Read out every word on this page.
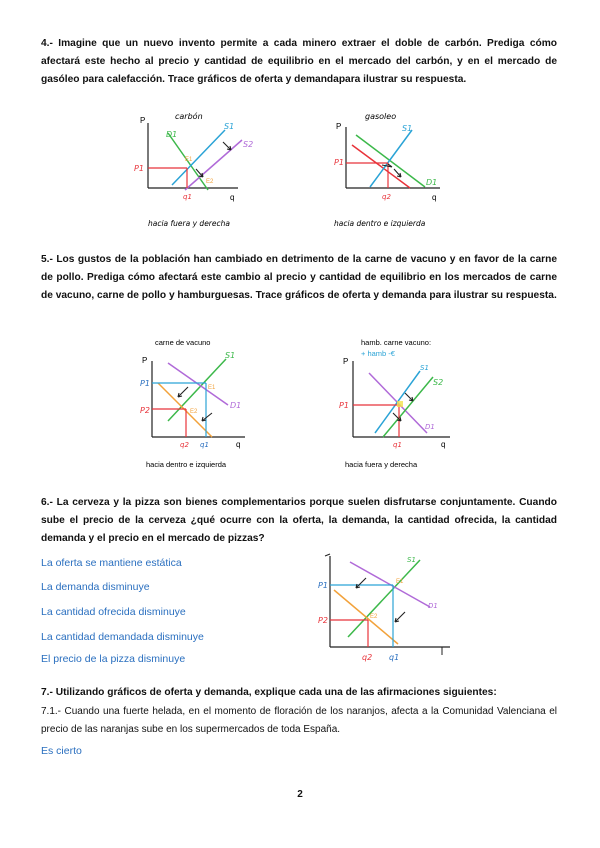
4.- Imagine que un nuevo invento permite a cada minero extraer el doble de carbón. Prediga cómo afectará este hecho al precio y cantidad de equilibrio en el mercado del carbón, y en el mercado de gasóleo para calefacción. Trace gráficos de oferta y demandapara ilustrar su respuesta.
carbón
P
q
P1
q1
D1
S1
S2
E1
E2
hacia fuera y derecha
gasoleo
P
q
P1
q2
D1
S1
hacia dentro e izquierda
5.- Los gustos de la población han cambiado en detrimento de la carne de vacuno y en favor de la carne de pollo. Prediga cómo afectará este cambio al precio y cantidad de equilibrio en los mercados de carne de vacuno, carne de pollo y hamburguesas. Trace gráficos de oferta y demanda para ilustrar su respuesta.
carne de vacuno
P
q
P1
P2
q2 q1
S1
D1
E1
E2
hacia dentro e izquierda
hamb. carne vacuno:
+ hamb -€
P
q
P1
q1
S1
S2
D1
hacia fuera y derecha
6.- La cerveza y la pizza son bienes complementarios porque suelen disfrutarse conjuntamente. Cuando sube el precio de la cerveza ¿qué ocurre con la oferta, la demanda, la cantidad ofrecida, la cantidad demanda y el precio en el mercado de pizzas?
La oferta se mantiene estática
La demanda disminuye
La cantidad ofrecida disminuye
La cantidad demandada disminuye
El precio de la pizza disminuye
P1
P2
q2 q1
S1
D1
E1
E2
7.- Utilizando gráficos de oferta y demanda, explique cada una de las afirmaciones siguientes:
7.1.- Cuando una fuerte helada, en el momento de floración de los naranjos, afecta a la Comunidad Valenciana el precio de las naranjas sube en los supermercados de toda España.
Es cierto
2
